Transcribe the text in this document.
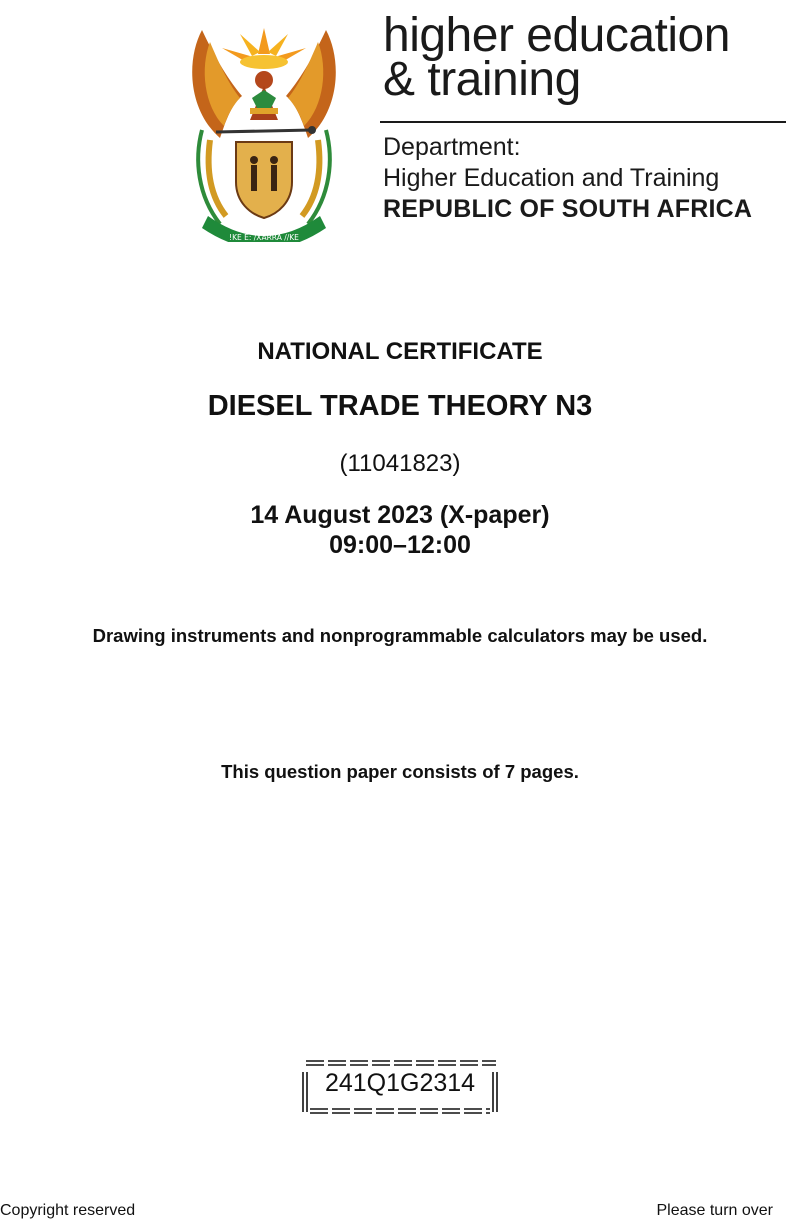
!KE E: /XARRA //KE
higher education
& training
Department:
Higher Education and Training
REPUBLIC OF SOUTH AFRICA
NATIONAL CERTIFICATE
DIESEL TRADE THEORY N3
(11041823)
14 August 2023 (X-paper)
09:00–12:00
Drawing instruments and nonprogrammable calculators may be used.
This question paper consists of 7 pages.
241Q1G2314
Copyright reserved	Please turn over
